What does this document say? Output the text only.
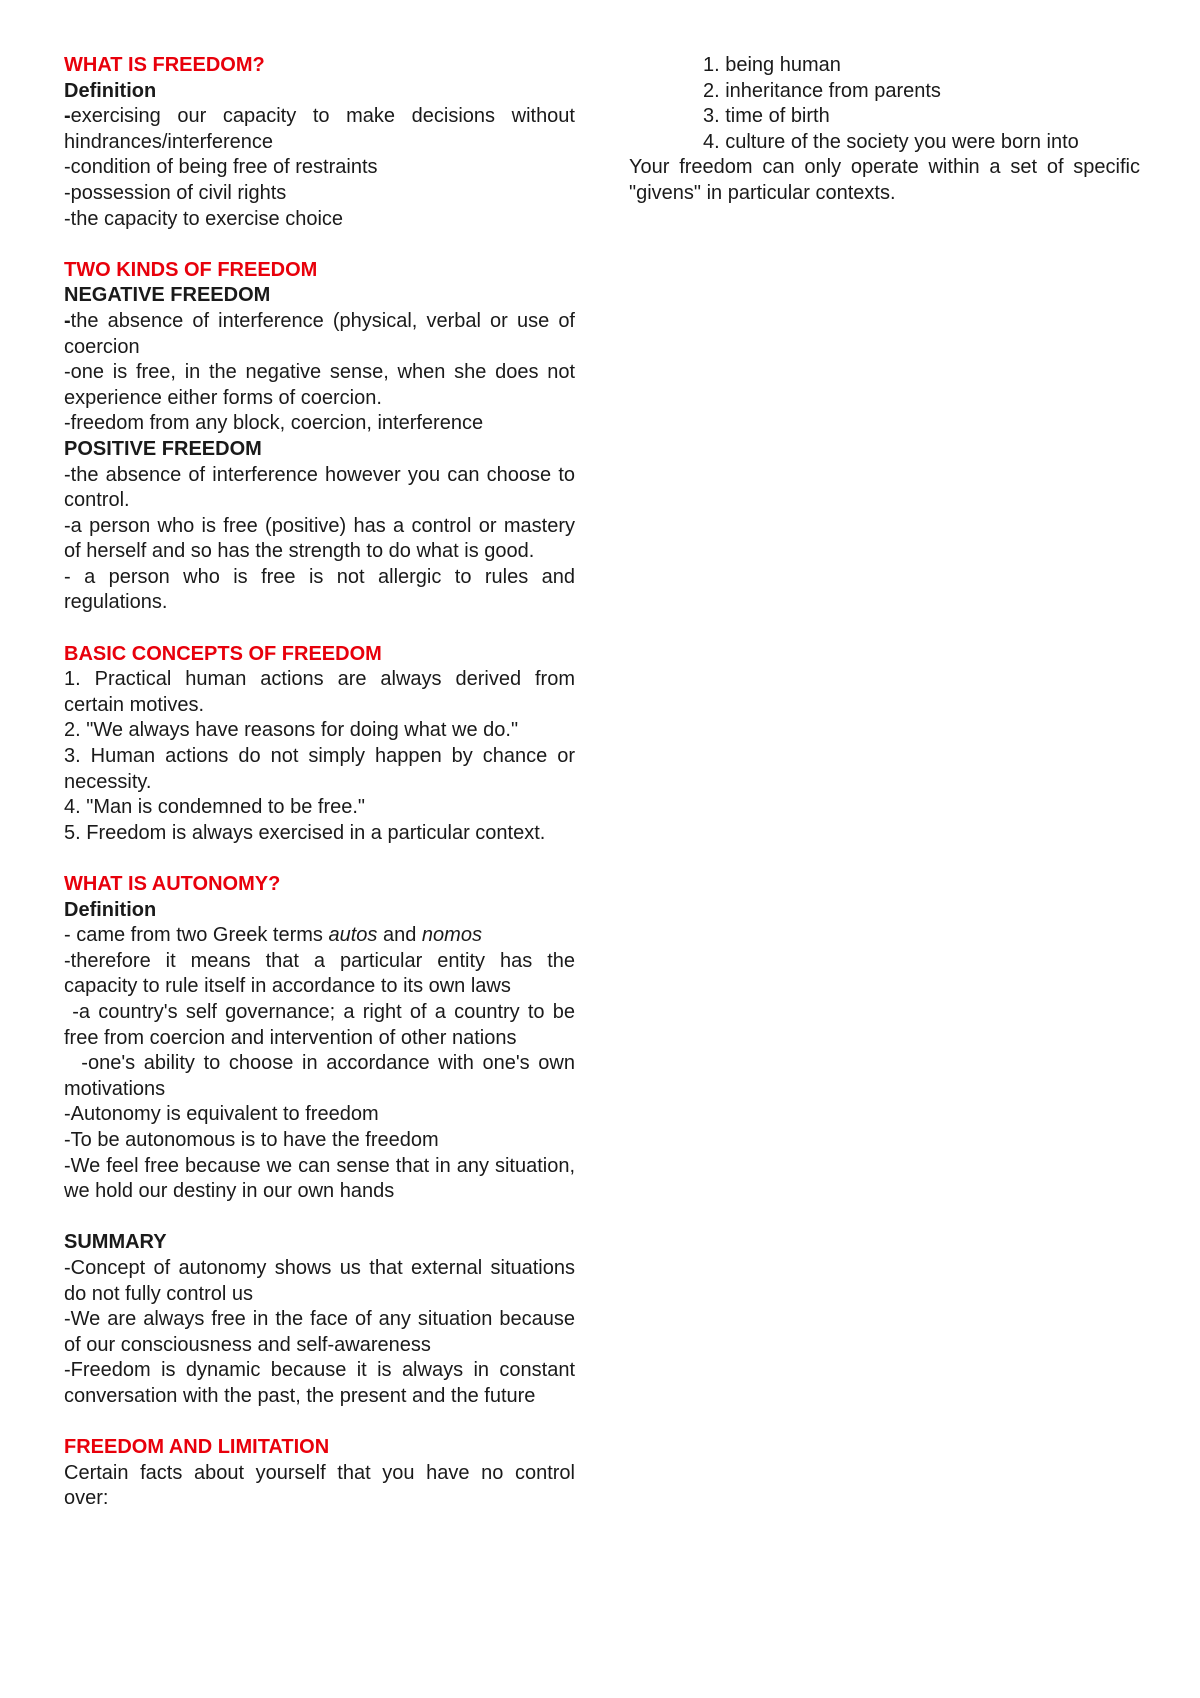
WHAT IS FREEDOM?

Definition

-exercising our capacity to make decisions without hindrances/interference

-condition of being free of restraints

-possession of civil rights

-the capacity to exercise choice

TWO KINDS OF FREEDOM

NEGATIVE FREEDOM

-the absence of interference (physical, verbal or use of coercion

-one is free, in the negative sense, when she does not experience either forms of coercion.

-freedom from any block, coercion, interference

POSITIVE FREEDOM

-the absence of interference however you can choose to control.

-a person who is free (positive) has a control or mastery of herself and so has the strength to do what is good.

- a person who is free is not allergic to rules and regulations.

BASIC CONCEPTS OF FREEDOM

1. Practical human actions are always derived from certain motives.

2. "We always have reasons for doing what we do."

3. Human actions do not simply happen by chance or necessity.

4. "Man is condemned to be free."

5. Freedom is always exercised in a particular context.

WHAT IS AUTONOMY?

Definition

- came from two Greek terms autos and nomos

-therefore it means that a particular entity has the capacity to rule itself in accordance to its own laws

-a country's self governance; a right of a country to be free from coercion and intervention of other nations

-one's ability to choose in accordance with one's own motivations

-Autonomy is equivalent to freedom

-To be autonomous is to have the freedom

-We feel free because we can sense that in any situation, we hold our destiny in our own hands

SUMMARY

-Concept of autonomy shows us that external situations do not fully control us

-We are always free in the face of any situation because of our consciousness and self-awareness

-Freedom is dynamic because it is always in constant conversation with the past, the present and the future

FREEDOM AND LIMITATION

Certain facts about yourself that you have no control over:

1. being human

2. inheritance from parents

3. time of birth

4. culture of the society you were born into

Your freedom can only operate within a set of specific "givens" in particular contexts.
